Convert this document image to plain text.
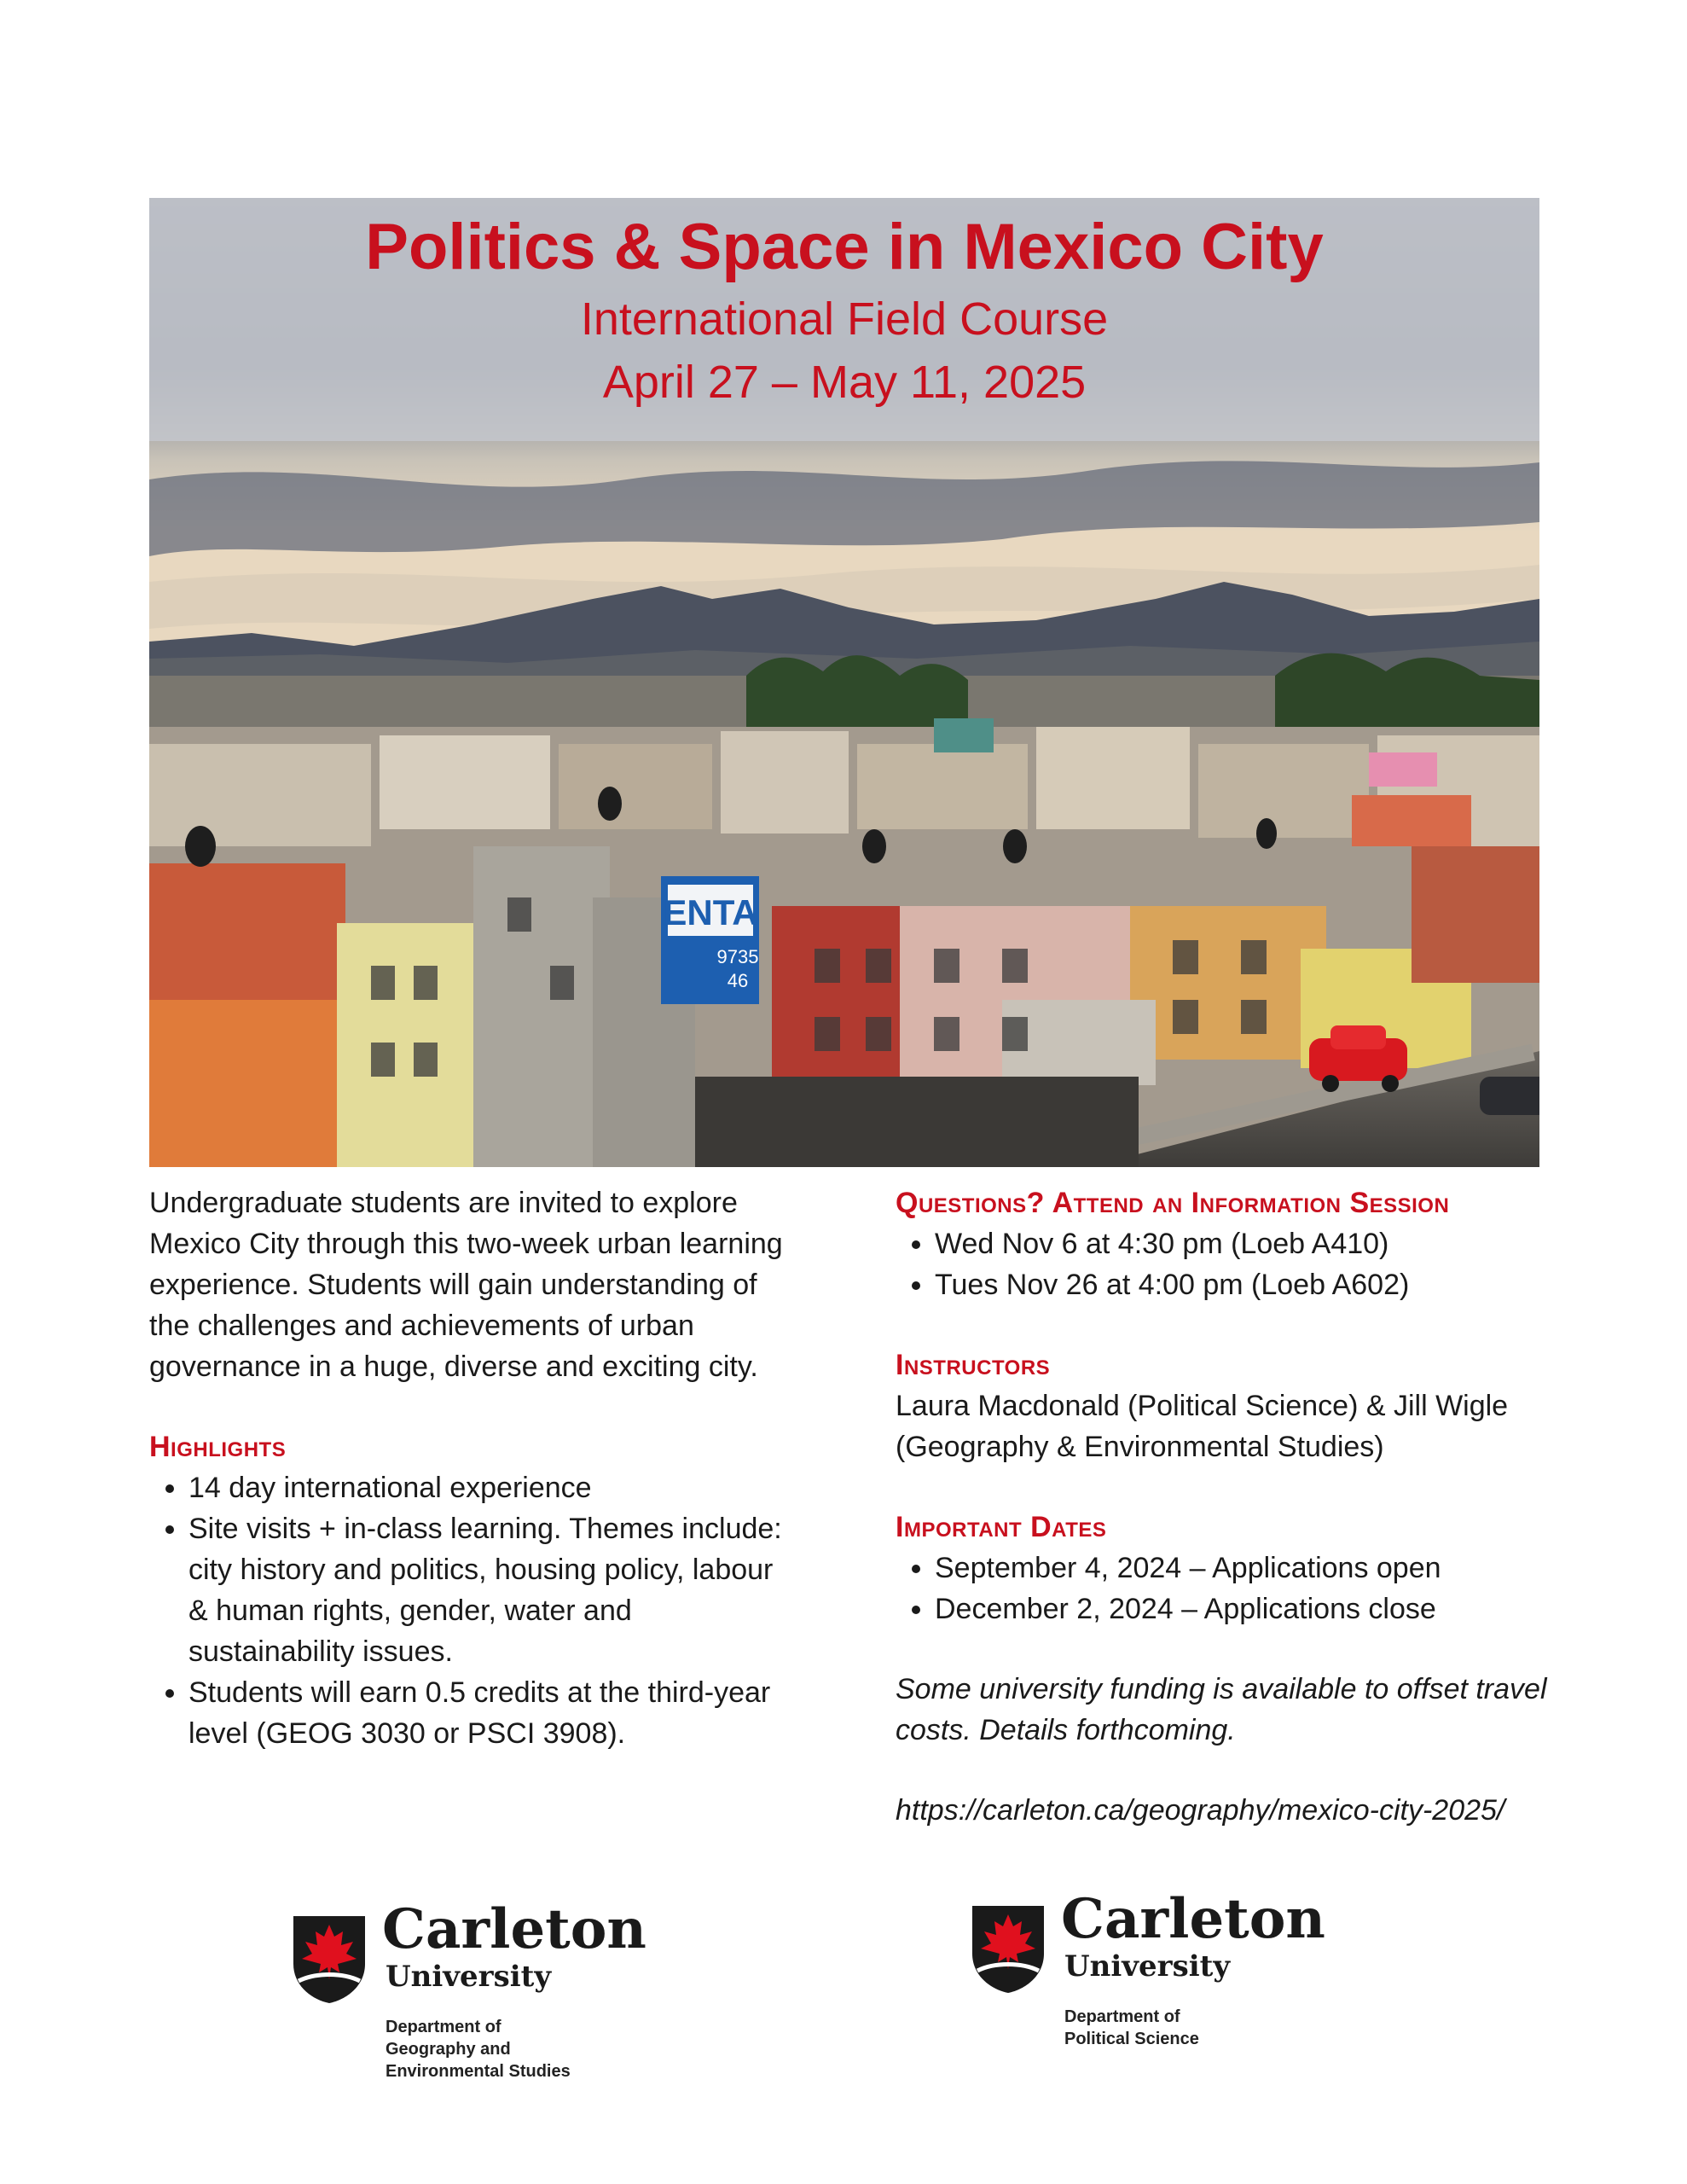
ENTA
9735
46
Politics & Space in Mexico City
International Field Course
April 27 – May 11, 2025

Undergraduate students are invited to explore Mexico City through this two-week urban learning experience. Students will gain understanding of the challenges and achievements of urban governance in a huge, diverse and exciting city.

Highlights

• 14 day international experience
• Site visits + in-class learning. Themes include: city history and politics, housing policy, labour & human rights, gender, water and sustainability issues.
• Students will earn 0.5 credits at the third-year level (GEOG 3030 or PSCI 3908).

Questions? Attend an Information Session

• Wed Nov 6 at 4:30 pm (Loeb A410)
• Tues Nov 26 at 4:00 pm (Loeb A602)

Instructors

Laura Macdonald (Political Science) & Jill Wigle (Geography & Environmental Studies)

Important Dates

• September 4, 2024 – Applications open
• December 2, 2024 – Applications close

Some university funding is available to offset travel costs. Details forthcoming.

https://carleton.ca/geography/mexico-city-2025/

Carleton
University
Department of
Geography and
Environmental Studies
Carleton
University
Department of
Political Science
